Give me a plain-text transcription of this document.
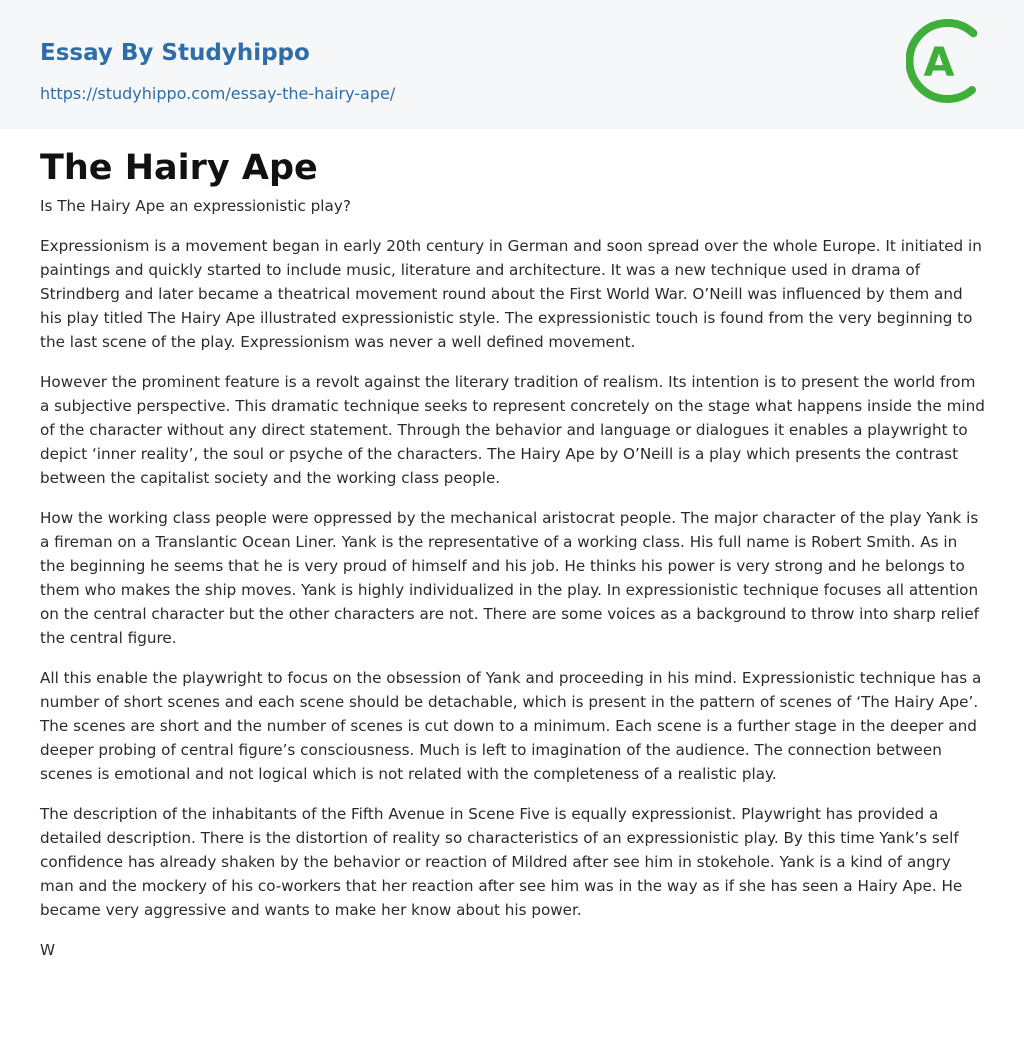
Essay By Studyhippo
https://studyhippo.com/essay-the-hairy-ape/
A
The Hairy Ape

Is The Hairy Ape an expressionistic play?

Expressionism is a movement began in early 20th century in German and soon spread over the whole Europe. It initiated in paintings and quickly started to include music, literature and architecture. It was a new technique used in drama of Strindberg and later became a theatrical movement round about the First World War. O’Neill was influenced by them and his play titled The Hairy Ape illustrated expressionistic style. The expressionistic touch is found from the very beginning to the last scene of the play. Expressionism was never a well defined movement.

However the prominent feature is a revolt against the literary tradition of realism. Its intention is to present the world from a subjective perspective. This dramatic technique seeks to represent concretely on the stage what happens inside the mind of the character without any direct statement. Through the behavior and language or dialogues it enables a playwright to depict ‘inner reality’, the soul or psyche of the characters. The Hairy Ape by O’Neill is a play which presents the contrast between the capitalist society and the working class people.

How the working class people were oppressed by the mechanical aristocrat people. The major character of the play Yank is a fireman on a Translantic Ocean Liner. Yank is the representative of a working class. His full name is Robert Smith. As in the beginning he seems that he is very proud of himself and his job. He thinks his power is very strong and he belongs to them who makes the ship moves. Yank is highly individualized in the play. In expressionistic technique focuses all attention on the central character but the other characters are not. There are some voices as a background to throw into sharp relief the central figure.

All this enable the playwright to focus on the obsession of Yank and proceeding in his mind. Expressionistic technique has a number of short scenes and each scene should be detachable, which is present in the pattern of scenes of ‘The Hairy Ape’. The scenes are short and the number of scenes is cut down to a minimum. Each scene is a further stage in the deeper and deeper probing of central figure’s consciousness. Much is left to imagination of the audience. The connection between scenes is emotional and not logical which is not related with the completeness of a realistic play.

The description of the inhabitants of the Fifth Avenue in Scene Five is equally expressionist. Playwright has provided a detailed description. There is the distortion of reality so characteristics of an expressionistic play. By this time Yank’s self confidence has already shaken by the behavior or reaction of Mildred after see him in stokehole. Yank is a kind of angry man and the mockery of his co-workers that her reaction after see him was in the way as if she has seen a Hairy Ape. He became very aggressive and wants to make her know about his power.

W
